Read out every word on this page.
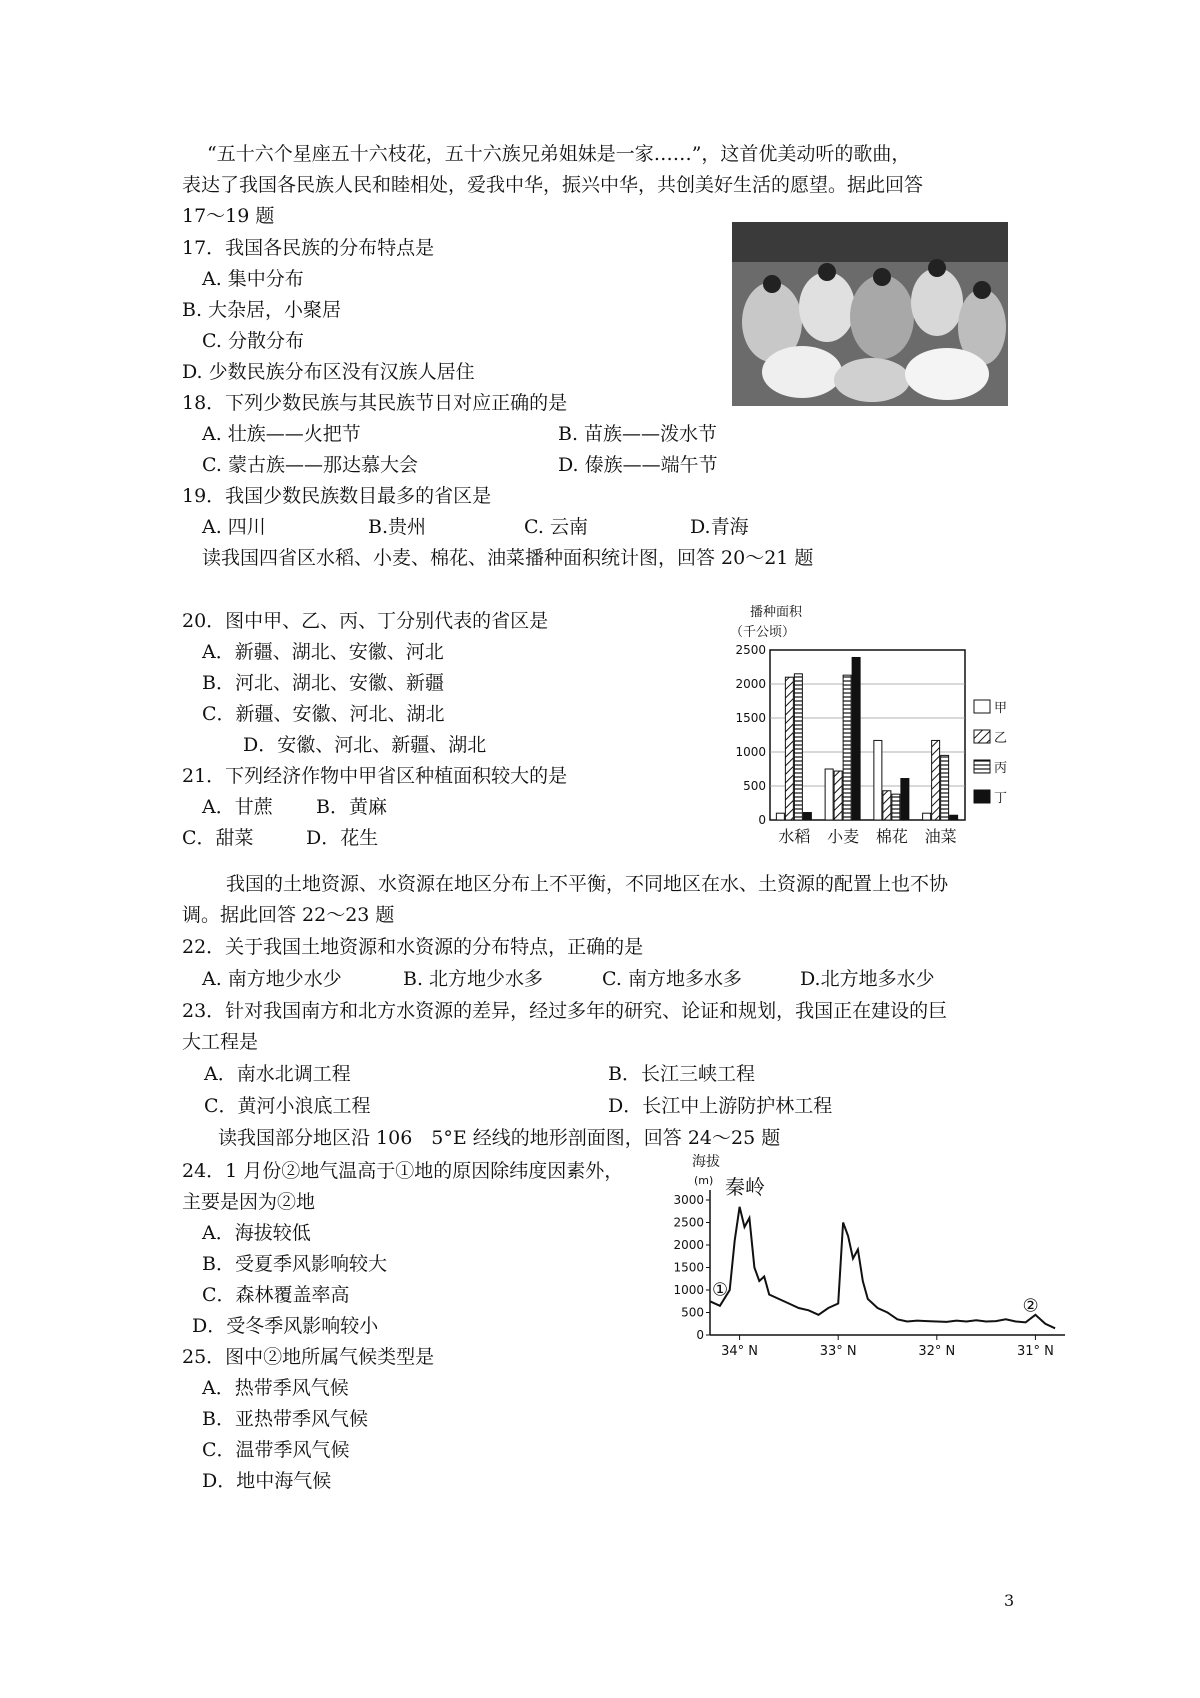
“五十六个星座五十六枝花，五十六族兄弟姐妹是一家……”，这首优美动听的歌曲，
表达了我国各民族人民和睦相处，爱我中华，振兴中华，共创美好生活的愿望。据此回答
17～19 题
17．我国各民族的分布特点是
A. 集中分布
B. 大杂居，小聚居
C. 分散分布
D. 少数民族分布区没有汉族人居住
18．下列少数民族与其民族节日对应正确的是
A. 壮族——火把节	B. 苗族——泼水节
C. 蒙古族——那达慕大会	D. 傣族——端午节
19．我国少数民族数目最多的省区是
A. 四川	B.贵州	C. 云南	D.青海
读我国四省区水稻、小麦、棉花、油菜播种面积统计图，回答 20～21 题
20．图中甲、乙、丙、丁分别代表的省区是
A．新疆、湖北、安徽、河北
B．河北、湖北、安徽、新疆
C．新疆、安徽、河北、湖北
D．安徽、河北、新疆、湖北
21．下列经济作物中甲省区种植面积较大的是
A．甘蔗 B．黄麻
C．甜菜	D．花生
播种面积
（千公顷）
0
500
1000
1500
2000
2500
水稻 小麦 棉花 油菜
甲
乙
丙
丁
我国的土地资源、水资源在地区分布上不平衡，不同地区在水、土资源的配置上也不协
调。据此回答 22～23 题
22．关于我国土地资源和水资源的分布特点，正确的是
A. 南方地少水少	B. 北方地少水多	C. 南方地多水多	D.北方地多水少
23．针对我国南方和北方水资源的差异，经过多年的研究、论证和规划，我国正在建设的巨
大工程是
A．南水北调工程	B．长江三峡工程
C．黄河小浪底工程	D．长江中上游防护林工程
读我国部分地区沿 106　5°E 经线的地形剖面图，回答 24～25 题
24．1 月份②地气温高于①地的原因除纬度因素外，
主要是因为②地
A．海拔较低
B．受夏季风影响较大
C．森林覆盖率高
D．受冬季风影响较小
海拔
(m) 秦岭
0
500
1000
1500
2000
2500
3000
34° N	33° N	32° N	31° N
①
②
25．图中②地所属气候类型是
A．热带季风气候
B．亚热带季风气候
C．温带季风气候
D．地中海气候
3
